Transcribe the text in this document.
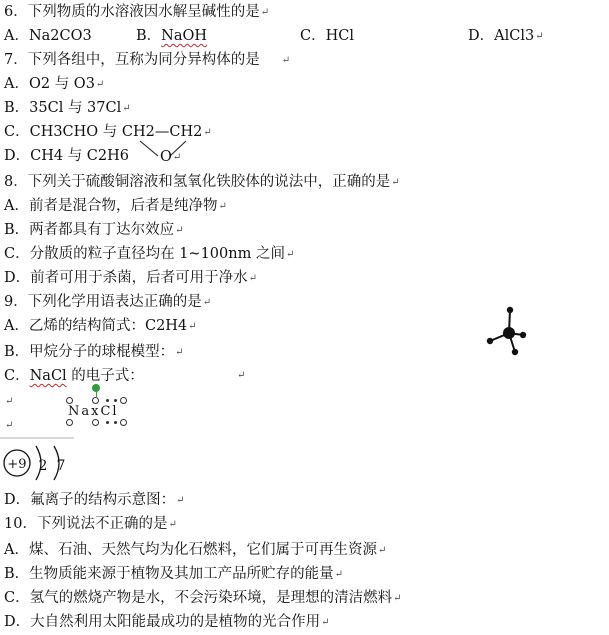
6．下列物质的水溶液因水解呈碱性的是↵
A．Na2CO3	B．NaOH	C．HCl	D．AlCl3↵
7．下列各组中，互称为同分异构体的是 ↵
A．O2 与 O3↵
B．35Cl 与 37Cl↵
C．CH3CHO 与 CH2—CH2↵
D．CH4 与 C2H6 O↵
8．下列关于硫酸铜溶液和氢氧化铁胶体的说法中，正确的是↵
A．前者是混合物，后者是纯净物↵
B．两者都具有丁达尔效应↵
C．分散质的粒子直径均在 1~100nm 之间↵
D．前者可用于杀菌，后者可用于净水↵
9．下列化学用语表达正确的是↵
A．乙烯的结构简式：C2H4↵
B．甲烷分子的球棍模型：↵
C．NaCl 的电子式：	↵
↵
NaxCl
↵
+9 2 7
D．氟离子的结构示意图：↵
10．下列说法不正确的是↵
A．煤、石油、天然气均为化石燃料，它们属于可再生资源↵
B．生物质能来源于植物及其加工产品所贮存的能量↵
C．氢气的燃烧产物是水，不会污染环境，是理想的清洁燃料↵
D．大自然利用太阳能最成功的是植物的光合作用↵
